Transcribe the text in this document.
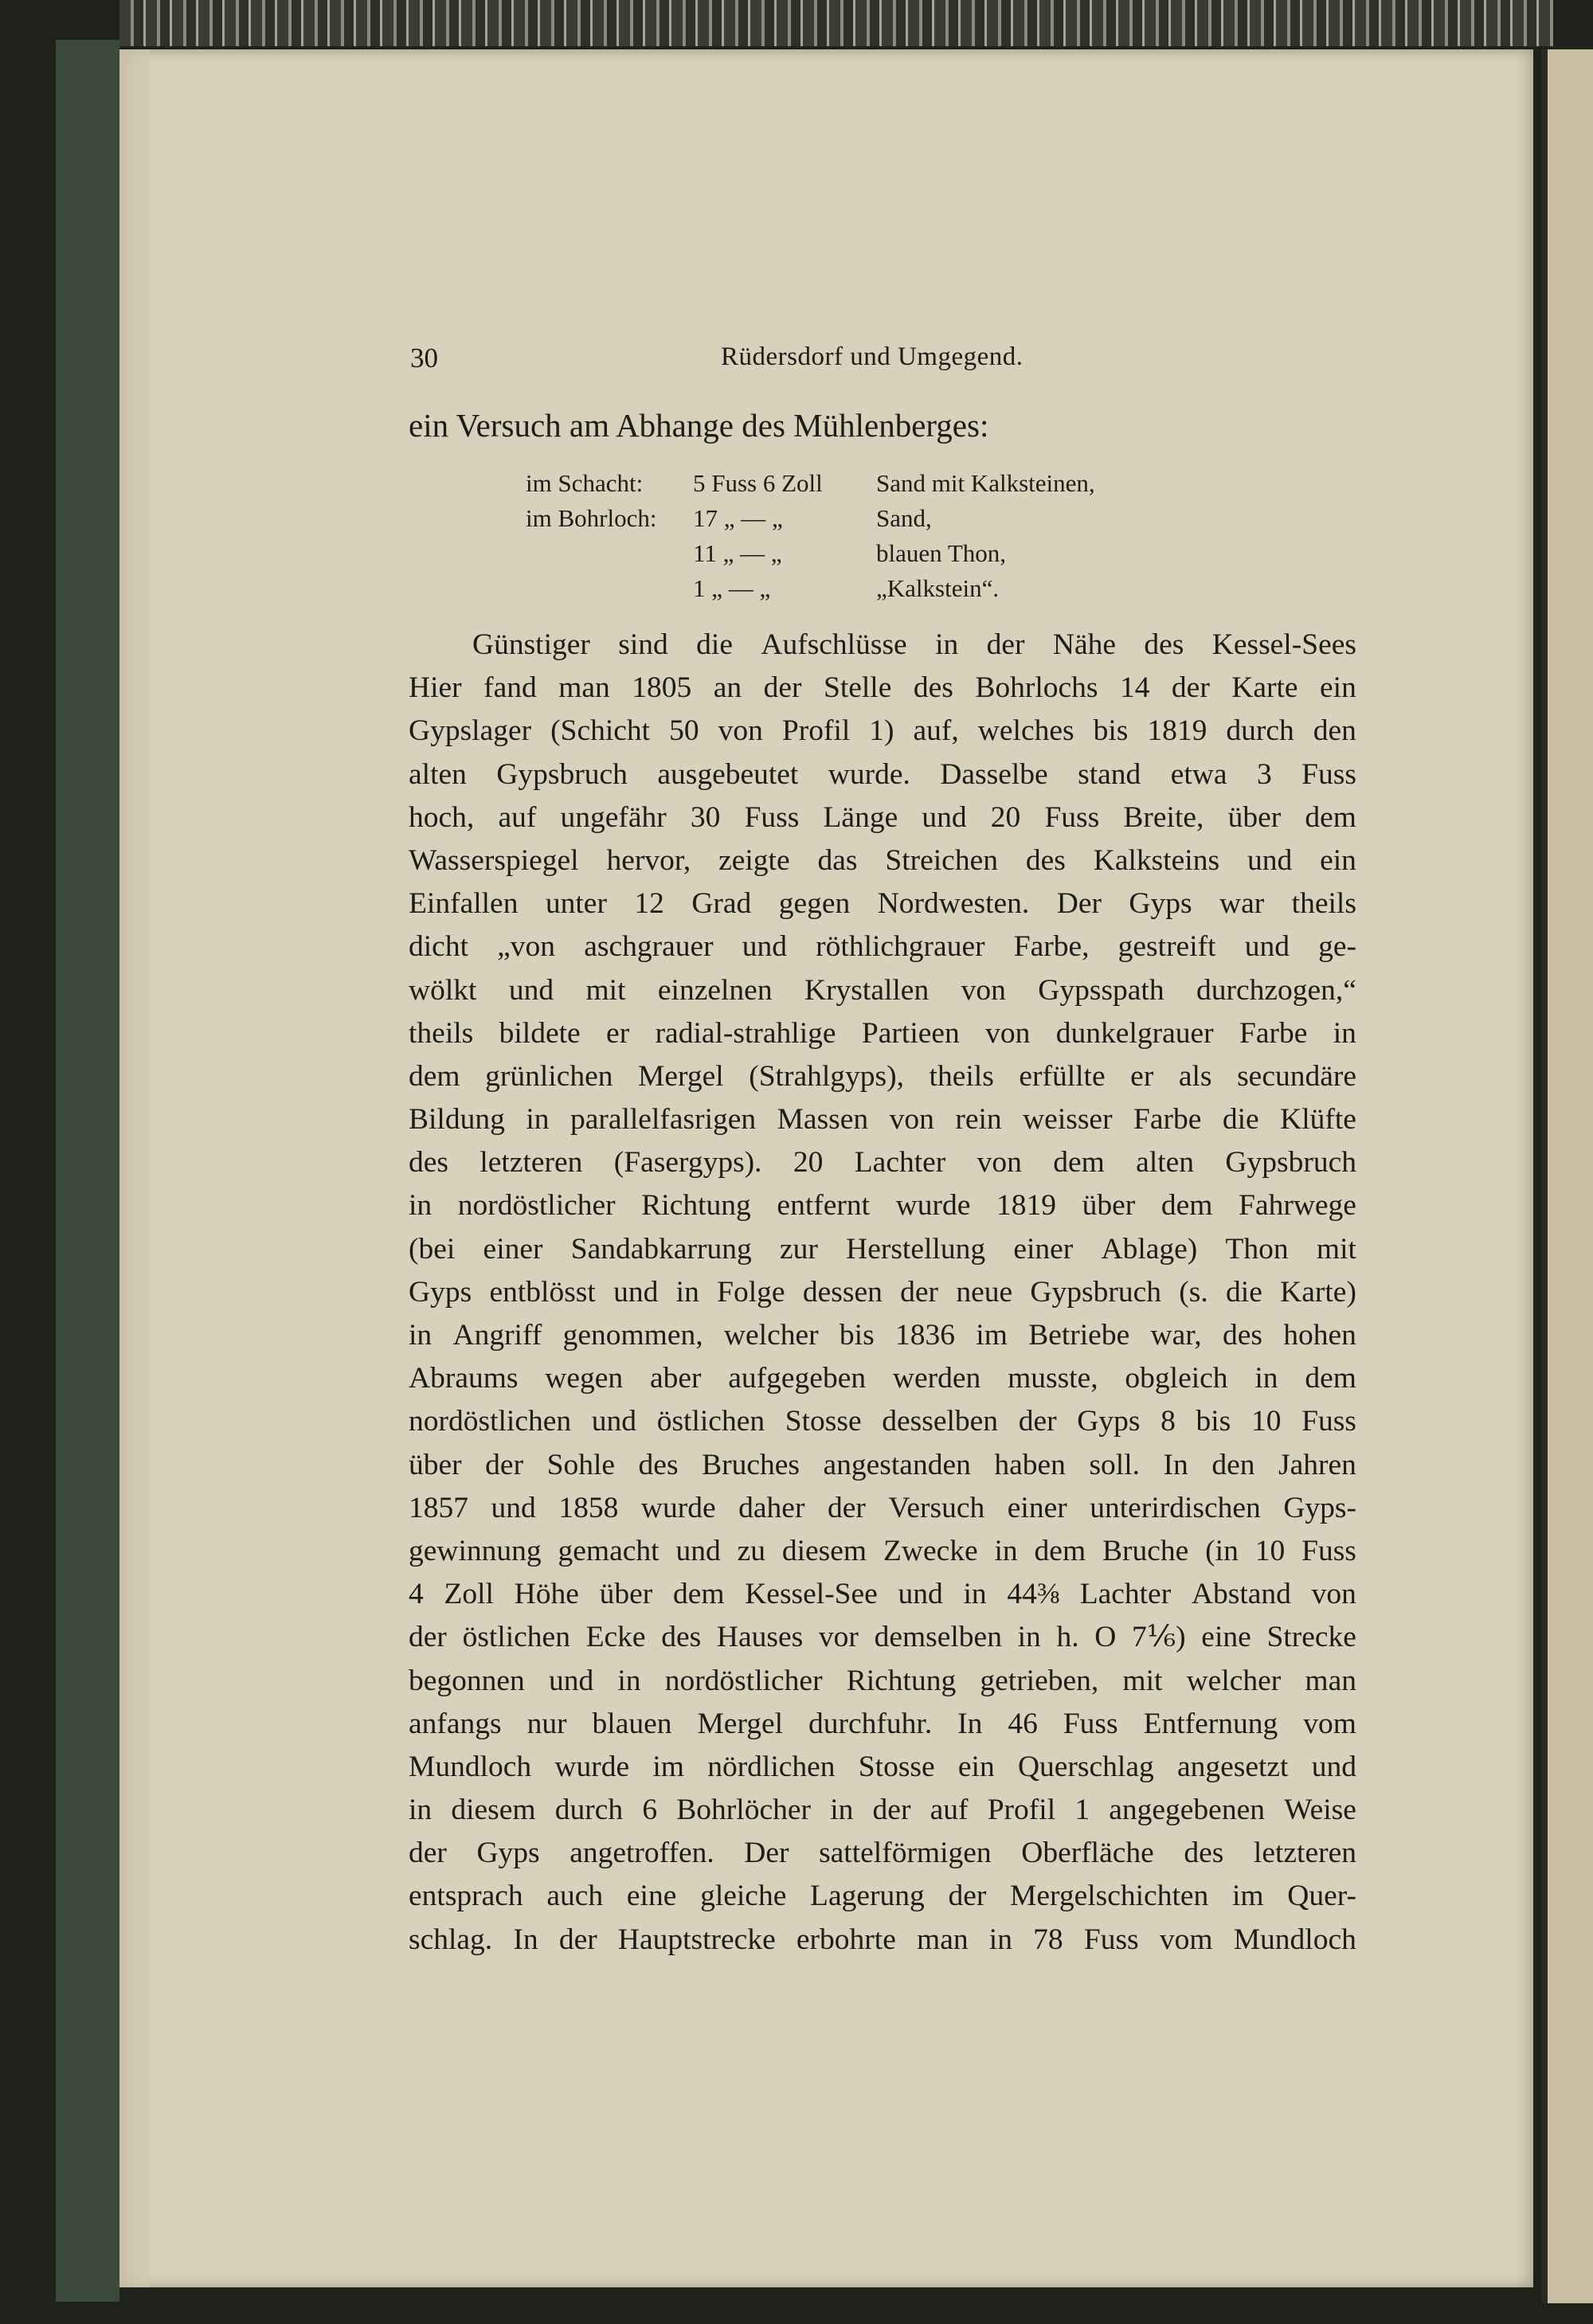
30	Rüdersdorf und Umgegend.
ein Versuch am Abhange des Mühlenberges:
im Schacht: 5 Fuss 6 Zoll	Sand mit Kalksteinen,
im Bohrloch: 17 „ — „	Sand,
11 „ — „	blauen Thon,
1 „ — „	„Kalkstein“.
Günstiger sind die Aufschlüsse in der Nähe des Kessel-Sees
Hier fand man 1805 an der Stelle des Bohrlochs 14 der Karte ein
Gypslager (Schicht 50 von Profil 1) auf, welches bis 1819 durch den
alten Gypsbruch ausgebeutet wurde. Dasselbe stand etwa 3 Fuss
hoch, auf ungefähr 30 Fuss Länge und 20 Fuss Breite, über dem
Wasserspiegel hervor, zeigte das Streichen des Kalksteins und ein
Einfallen unter 12 Grad gegen Nordwesten. Der Gyps war theils
dicht „von aschgrauer und röthlichgrauer Farbe, gestreift und ge-
wölkt und mit einzelnen Krystallen von Gypsspath durchzogen,“
theils bildete er radial-strahlige Partieen von dunkelgrauer Farbe in
dem grünlichen Mergel (Strahlgyps), theils erfüllte er als secundäre
Bildung in parallelfasrigen Massen von rein weisser Farbe die Klüfte
des letzteren (Fasergyps). 20 Lachter von dem alten Gypsbruch
in nordöstlicher Richtung entfernt wurde 1819 über dem Fahrwege
(bei einer Sandabkarrung zur Herstellung einer Ablage) Thon mit
Gyps entblösst und in Folge dessen der neue Gypsbruch (s. die Karte)
in Angriff genommen, welcher bis 1836 im Betriebe war, des hohen
Abraums wegen aber aufgegeben werden musste, obgleich in dem
nordöstlichen und östlichen Stosse desselben der Gyps 8 bis 10 Fuss
über der Sohle des Bruches angestanden haben soll. In den Jahren
1857 und 1858 wurde daher der Versuch einer unterirdischen Gyps-
gewinnung gemacht und zu diesem Zwecke in dem Bruche (in 10 Fuss
4 Zoll Höhe über dem Kessel-See und in 44⅜ Lachter Abstand von
der östlichen Ecke des Hauses vor demselben in h. O 7⅙) eine Strecke
begonnen und in nordöstlicher Richtung getrieben, mit welcher man
anfangs nur blauen Mergel durchfuhr. In 46 Fuss Entfernung vom
Mundloch wurde im nördlichen Stosse ein Querschlag angesetzt und
in diesem durch 6 Bohrlöcher in der auf Profil 1 angegebenen Weise
der Gyps angetroffen. Der sattelförmigen Oberfläche des letzteren
entsprach auch eine gleiche Lagerung der Mergelschichten im Quer-
schlag. In der Hauptstrecke erbohrte man in 78 Fuss vom Mundloch
